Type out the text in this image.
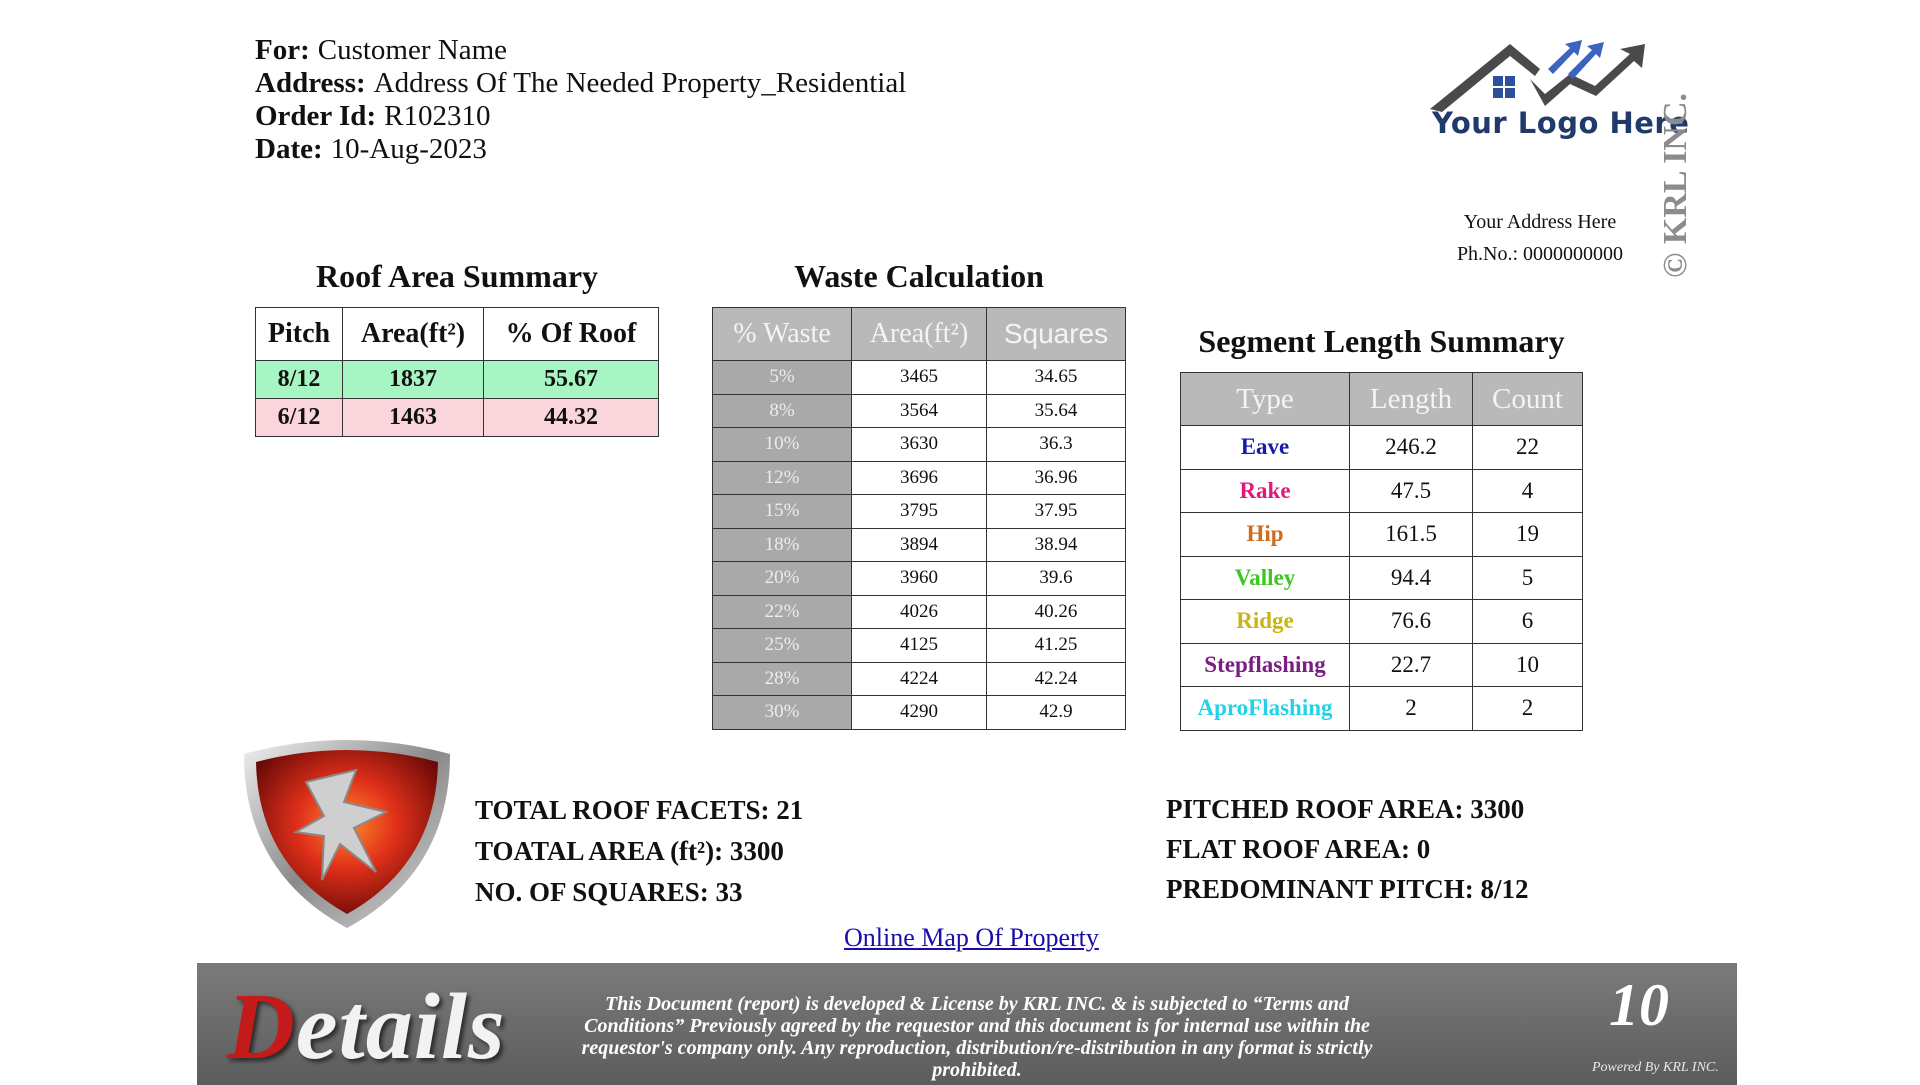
For: Customer Name
Address: Address Of The Needed Property_Residential
Order Id: R102310
Date: 10-Aug-2023
Your Logo Here
Your Address Here
Ph.No.: 0000000000 © KRL INC.
Roof Area Summary
Pitch	Area(ft²)	% Of Roof
8/12	1837	55.67
6/12	1463	44.32
Waste Calculation
% Waste	Area(ft²)	Squares
5%	3465	34.65
8%	3564	35.64
10%	3630	36.3
12%	3696	36.96
15%	3795	37.95
18%	3894	38.94
20%	3960	39.6
22%	4026	40.26
25%	4125	41.25
28%	4224	42.24
30%	4290	42.9
Segment Length Summary
Type	Length	Count
Eave	246.2	22
Rake	47.5	4
Hip	161.5	19
Valley	94.4	5
Ridge	76.6	6
Stepflashing	22.7	10
AproFlashing	2	2
TOTAL ROOF FACETS: 21
TOATAL AREA (ft²): 3300
NO. OF SQUARES: 33
PITCHED ROOF AREA: 3300
FLAT ROOF AREA: 0
PREDOMINANT PITCH: 8/12
Online Map Of Property
Details	This Document (report) is developed & License by KRL INC. & is subjected to “Terms and Conditions” Previously agreed by the requestor and this document is for internal use within the requestor's company only. Any reproduction, distribution/re-distribution in any format is strictly prohibited.
10
Powered By KRL INC.
